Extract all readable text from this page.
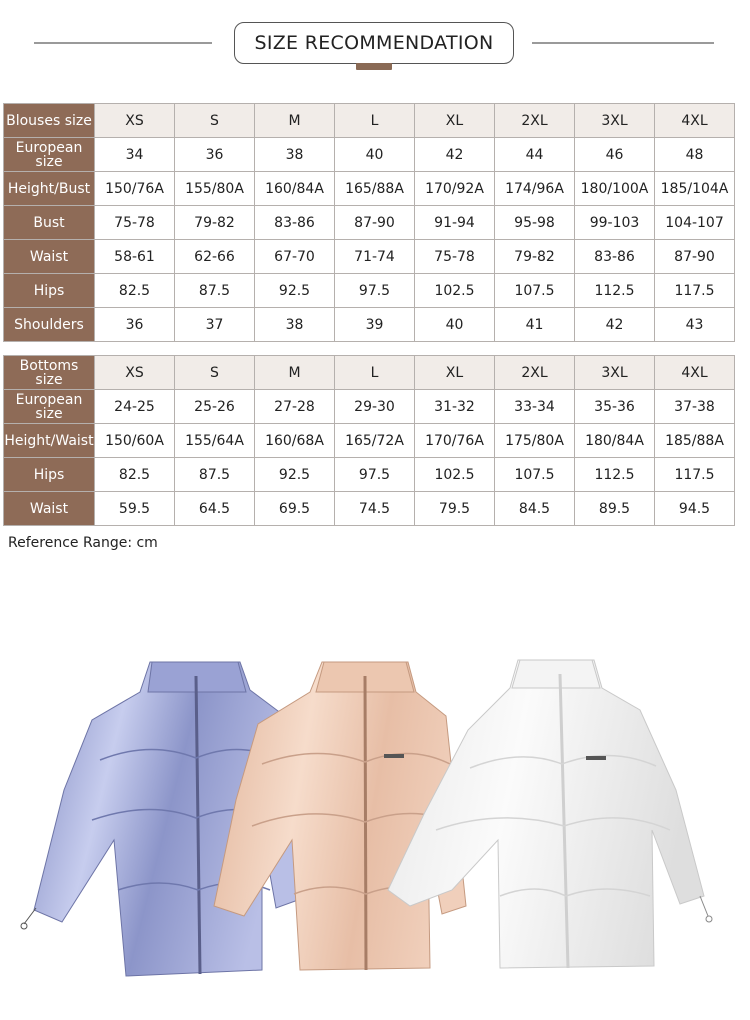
SIZE RECOMMENDATION
Blouses size	XS	S	M	L	XL	2XL	3XL	4XL
European size	34	36	38	40	42	44	46	48
Height/Bust	150/76A	155/80A	160/84A	165/88A	170/92A	174/96A	180/100A	185/104A
Bust	75-78	79-82	83-86	87-90	91-94	95-98	99-103	104-107
Waist	58-61	62-66	67-70	71-74	75-78	79-82	83-86	87-90
Hips	82.5	87.5	92.5	97.5	102.5	107.5	112.5	117.5
Shoulders	36	37	38	39	40	41	42	43
Bottoms size	XS	S	M	L	XL	2XL	3XL	4XL
European size	24-25	25-26	27-28	29-30	31-32	33-34	35-36	37-38
Height/Waist	150/60A	155/64A	160/68A	165/72A	170/76A	175/80A	180/84A	185/88A
Hips	82.5	87.5	92.5	97.5	102.5	107.5	112.5	117.5
Waist	59.5	64.5	69.5	74.5	79.5	84.5	89.5	94.5
Reference Range: cm
